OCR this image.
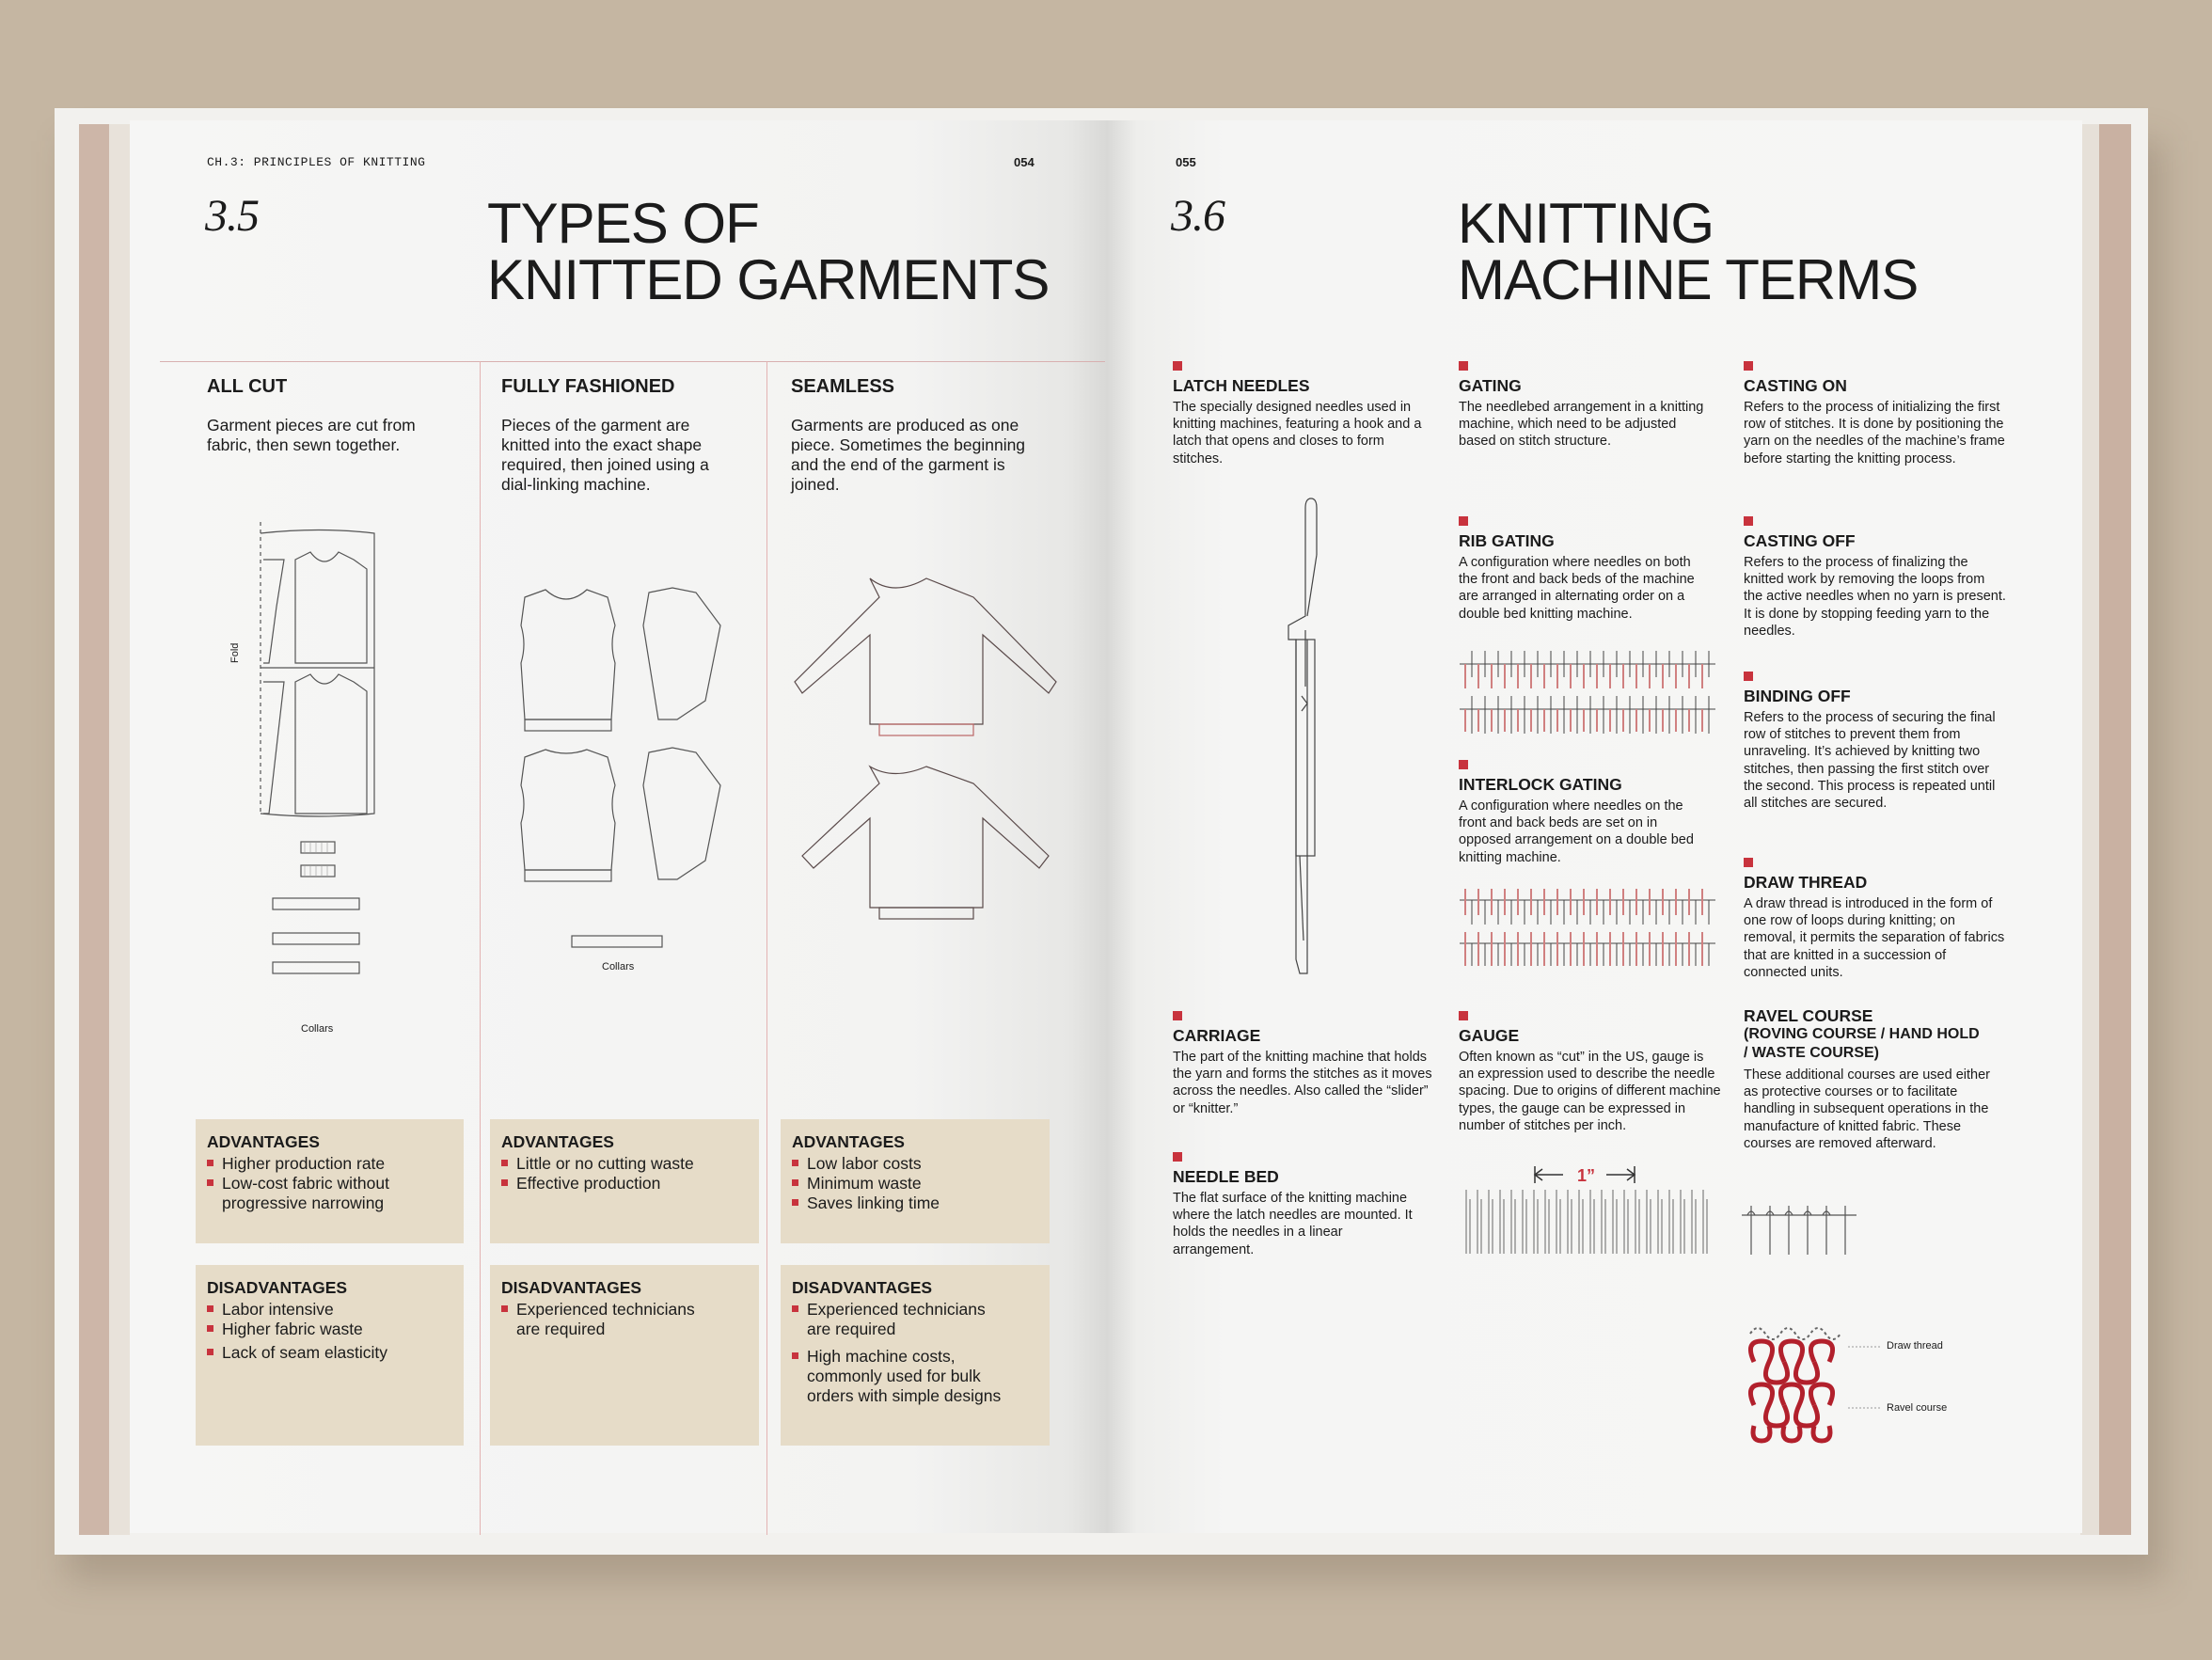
CH.3: PRINCIPLES OF KNITTING	054
3.5	TYPES OF
KNITTED GARMENTS
ALL CUT
Garment pieces are cut from fabric, then sewn together.
Fold
Collars
FULLY FASHIONED
Pieces of the garment are knitted into the exact shape required, then joined using a dial-linking machine.
Collars
SEAMLESS
Garments are produced as one piece. Sometimes the beginning and the end of the garment is joined.
ADVANTAGES
Higher production rate
Low-cost fabric without progressive narrowing
DISADVANTAGES
Labor intensive
Higher fabric waste
Lack of seam elasticity
ADVANTAGES
Little or no cutting waste
Effective production
DISADVANTAGES
Experienced technicians are required
ADVANTAGES
Low labor costs
Minimum waste
Saves linking time
DISADVANTAGES
Experienced technicians are required
High machine costs, commonly used for bulk orders with simple designs
055
3.6	KNITTING
MACHINE TERMS
LATCH NEEDLES
The specially designed needles used in knitting machines, featuring a hook and a latch that opens and closes to form stitches.
CARRIAGE
The part of the knitting machine that holds the yarn and forms the stitches as it moves across the needles. Also called the “slider” or “knitter.”
NEEDLE BED
The flat surface of the knitting machine where the latch needles are mounted. It holds the needles in a linear arrangement.
GATING
The needlebed arrangement in a knitting machine, which need to be adjusted based on stitch structure.
RIB GATING
A configuration where needles on both the front and back beds of the machine are arranged in alternating order on a double bed knitting machine.
INTERLOCK GATING
A configuration where needles on the front and back beds are set on in opposed arrangement on a double bed knitting machine.
GAUGE
Often known as “cut” in the US, gauge is an expression used to describe the needle spacing. Due to origins of different machine types, the gauge can be expressed in number of stitches per inch.
1”
CASTING ON
Refers to the process of initializing the first row of stitches. It is done by positioning the yarn on the needles of the machine’s frame before starting the knitting process.
CASTING OFF
Refers to the process of finalizing the knitted work by removing the loops from the active needles when no yarn is present. It is done by stopping feeding yarn to the needles.
BINDING OFF
Refers to the process of securing the final row of stitches to prevent them from unraveling. It’s achieved by knitting two stitches, then passing the first stitch over the second. This process is repeated until all stitches are secured.
DRAW THREAD
A draw thread is introduced in the form of one row of loops during knitting; on removal, it permits the separation of fabrics that are knitted in a succession of connected units.
RAVEL COURSE
(ROVING COURSE / HAND HOLD
/ WASTE COURSE)
These additional courses are used either as protective courses or to facilitate handling in subsequent operations in the manufacture of knitted fabric. These courses are removed afterward.
Draw thread
Ravel course
